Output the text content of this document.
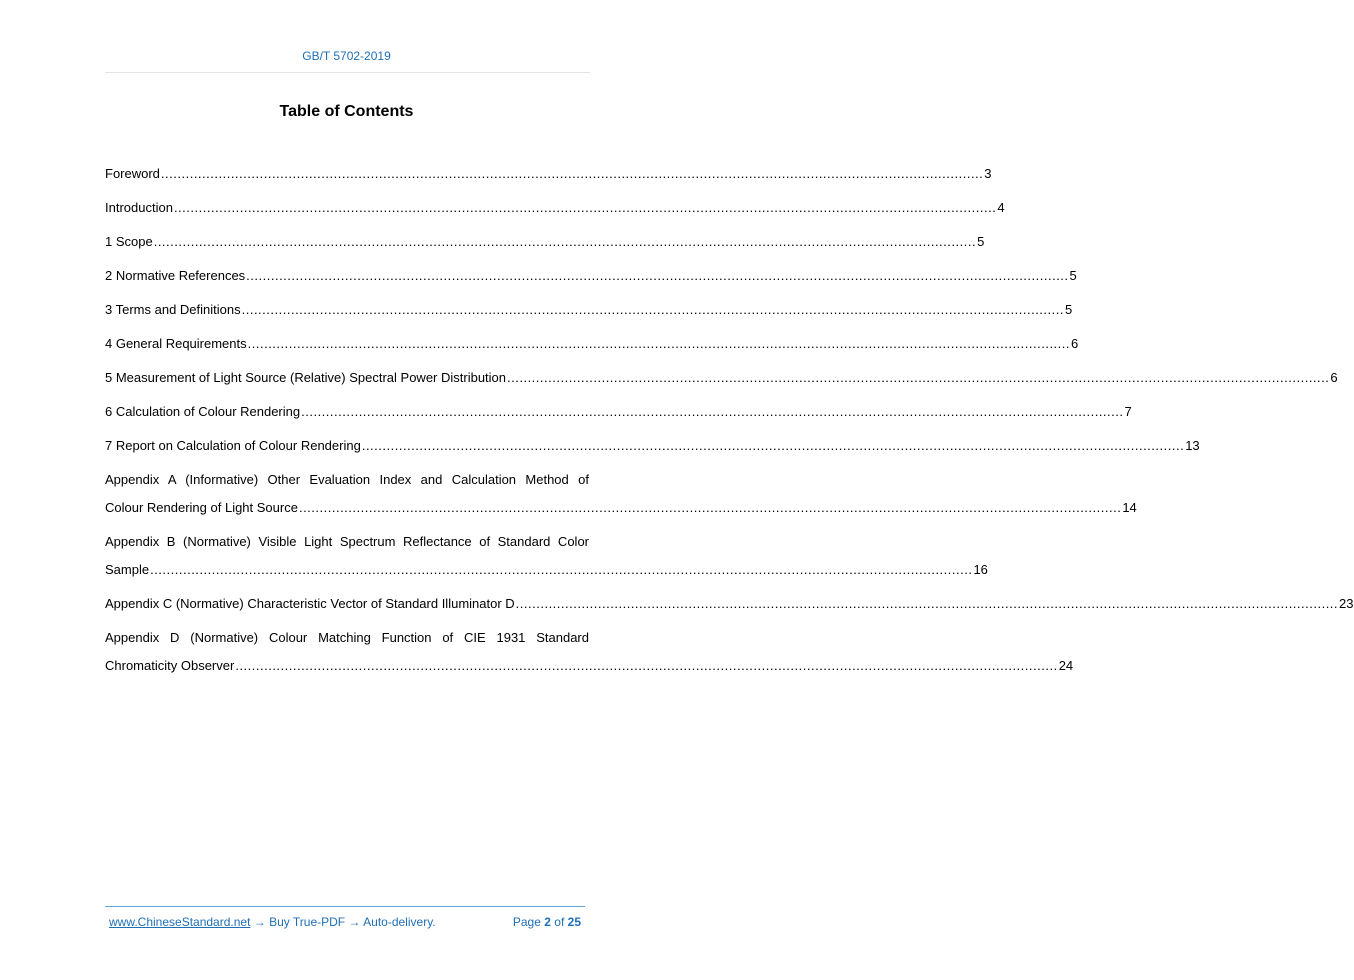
GB/T 5702-2019
Table of Contents
Foreword ........................................................................................................................................................................................................ 3
Introduction ........................................................................................................................................................................................................ 4
1 Scope ........................................................................................................................................................................................................ 5
2 Normative References ........................................................................................................................................................................................................ 5
3 Terms and Definitions ........................................................................................................................................................................................................ 5
4 General Requirements ........................................................................................................................................................................................................ 6
5 Measurement of Light Source (Relative) Spectral Power Distribution ........................................................................................................................................................................................................ 6
6 Calculation of Colour Rendering ........................................................................................................................................................................................................ 7
7 Report on Calculation of Colour Rendering ........................................................................................................................................................................................................ 13
Appendix A (Informative) Other Evaluation Index and Calculation Method of
Colour Rendering of Light Source ........................................................................................................................................................................................................ 14
Appendix B (Normative) Visible Light Spectrum Reflectance of Standard Color
Sample ........................................................................................................................................................................................................ 16
Appendix C (Normative) Characteristic Vector of Standard Illuminator D ........................................................................................................................................................................................................ 23
Appendix D (Normative) Colour Matching Function of CIE 1931 Standard
Chromaticity Observer ........................................................................................................................................................................................................ 24
www.ChineseStandard.net → Buy True-PDF → Auto-delivery.	Page 2 of 25
